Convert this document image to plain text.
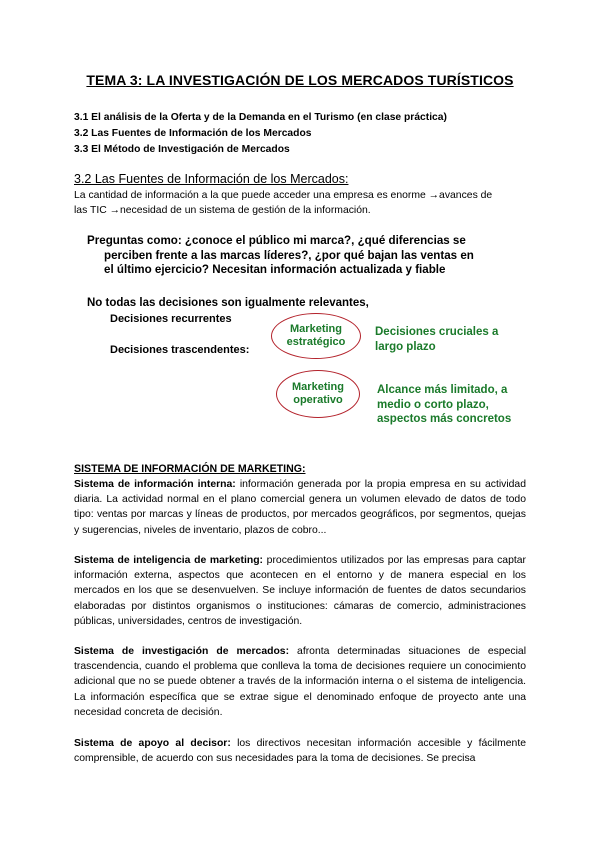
TEMA 3: LA INVESTIGACIÓN DE LOS MERCADOS TURÍSTICOS
3.1 El análisis de la Oferta y de la Demanda en el Turismo (en clase práctica)
3.2 Las Fuentes de Información de los Mercados
3.3 El Método de Investigación de Mercados
3.2 Las Fuentes de Información de los Mercados:
La cantidad de información a la que puede acceder una empresa es enorme →avances de
las TIC →necesidad de un sistema de gestión de la información.
Preguntas como: ¿conoce el público mi marca?, ¿qué diferencias se
perciben frente a las marcas líderes?, ¿por qué bajan las ventas en
el último ejercicio? Necesitan información actualizada y fiable
No todas las decisiones son igualmente relevantes,
Decisiones recurrentes
Decisiones trascendentes:
Marketing estratégico
Decisiones cruciales a largo plazo
Marketing operativo
Alcance más limitado, a medio o corto plazo, aspectos más concretos
SISTEMA DE INFORMACIÓN DE MARKETING:
Sistema de información interna: información generada por la propia empresa en su actividad diaria. La actividad normal en el plano comercial genera un volumen elevado de datos de todo tipo: ventas por marcas y líneas de productos, por mercados geográficos, por segmentos, quejas y sugerencias, niveles de inventario, plazos de cobro...
Sistema de inteligencia de marketing: procedimientos utilizados por las empresas para captar información externa, aspectos que acontecen en el entorno y de manera especial en los mercados en los que se desenvuelven. Se incluye información de fuentes de datos secundarios elaboradas por distintos organismos o instituciones: cámaras de comercio, administraciones públicas, universidades, centros de investigación.
Sistema de investigación de mercados: afronta determinadas situaciones de especial trascendencia, cuando el problema que conlleva la toma de decisiones requiere un conocimiento adicional que no se puede obtener a través de la información interna o el sistema de inteligencia. La información específica que se extrae sigue el denominado enfoque de proyecto ante una necesidad concreta de decisión.
Sistema de apoyo al decisor: los directivos necesitan información accesible y fácilmente comprensible, de acuerdo con sus necesidades para la toma de decisiones. Se precisa
